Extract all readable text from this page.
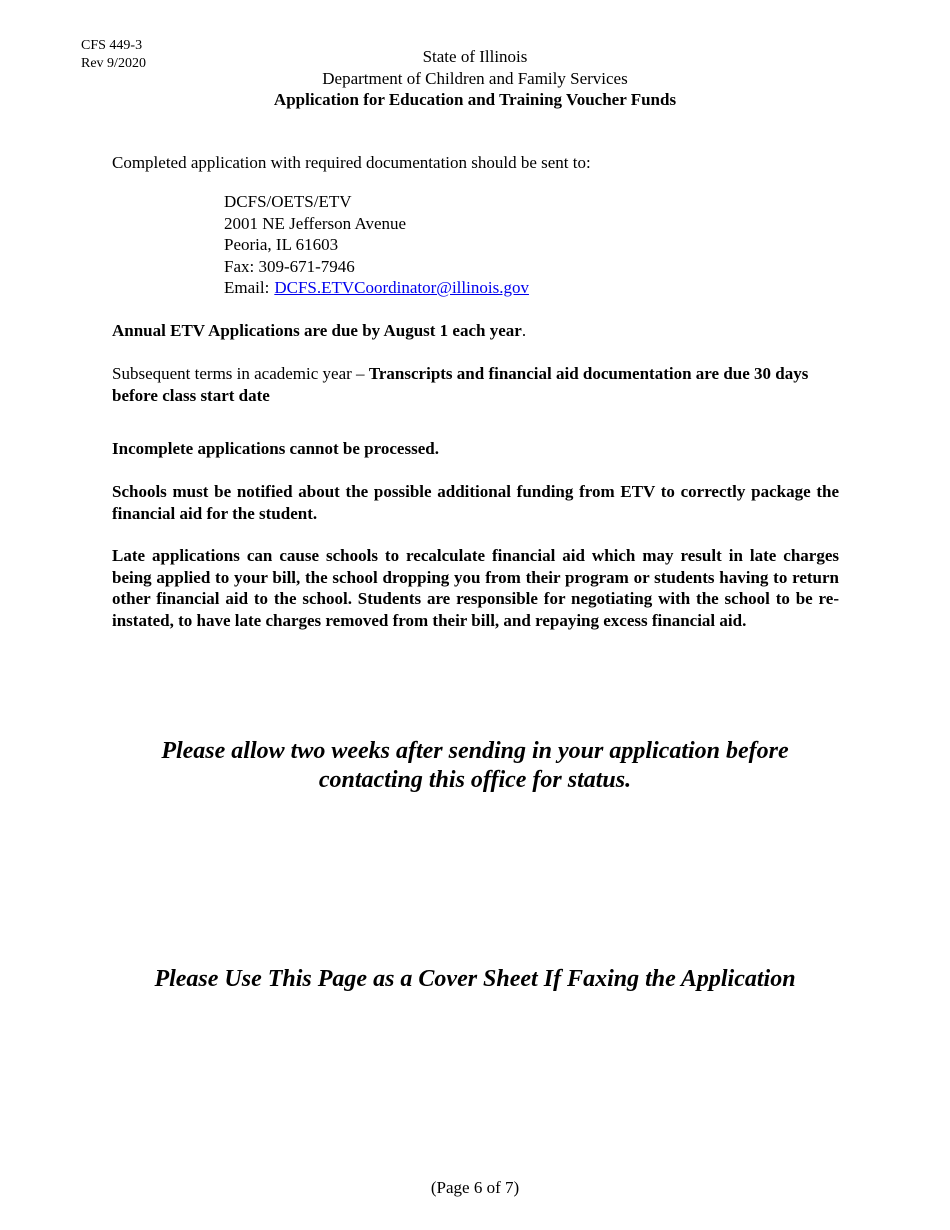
CFS 449-3
Rev 9/2020	State of Illinois
Department of Children and Family Services
Application for Education and Training Voucher Funds
Completed application with required documentation should be sent to:
DCFS/OETS/ETV
2001 NE Jefferson Avenue
Peoria, IL 61603
Fax: 309-671-7946
Email: DCFS.ETVCoordinator@illinois.gov
Annual ETV Applications are due by August 1 each year.
Subsequent terms in academic year – Transcripts and financial aid documentation are due 30 days before class start date
Incomplete applications cannot be processed.
Schools must be notified about the possible additional funding from ETV to correctly package the financial aid for the student.
Late applications can cause schools to recalculate financial aid which may result in late charges being applied to your bill, the school dropping you from their program or students having to return other financial aid to the school. Students are responsible for negotiating with the school to be re-instated, to have late charges removed from their bill, and repaying excess financial aid.
Please allow two weeks after sending in your application before
contacting this office for status.
Please Use This Page as a Cover Sheet If Faxing the Application
(Page 6 of 7)
